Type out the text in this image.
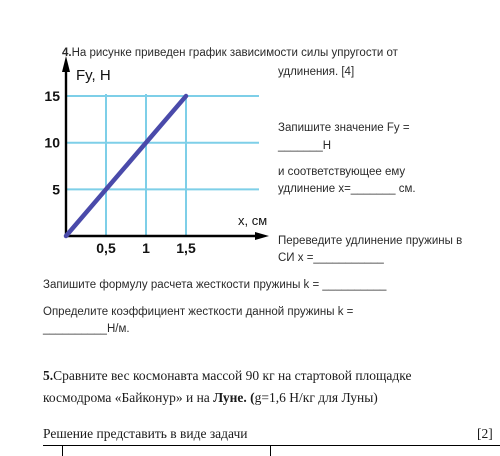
0,5 1 1,5
5
10
15
Fy, Н
х, см
4.На рисунке приведен график зависимости силы упругости от
удлинения. [4]
Запишите значение Fy =
_______Н
и соответствующее ему
удлинение х=_______ см.
Переведите удлинение пружины в
СИ х =___________
Запишите формулу расчета жесткости пружины k = __________
Определите коэффициент жесткости данной пружины k =
__________Н/м.
5.Сравните вес космонавта массой 90 кг на стартовой площадке
космодрома «Байконур» и на Луне. (g=1,6 Н/кг для Луны)
Решение представить в виде задачи	[2]
